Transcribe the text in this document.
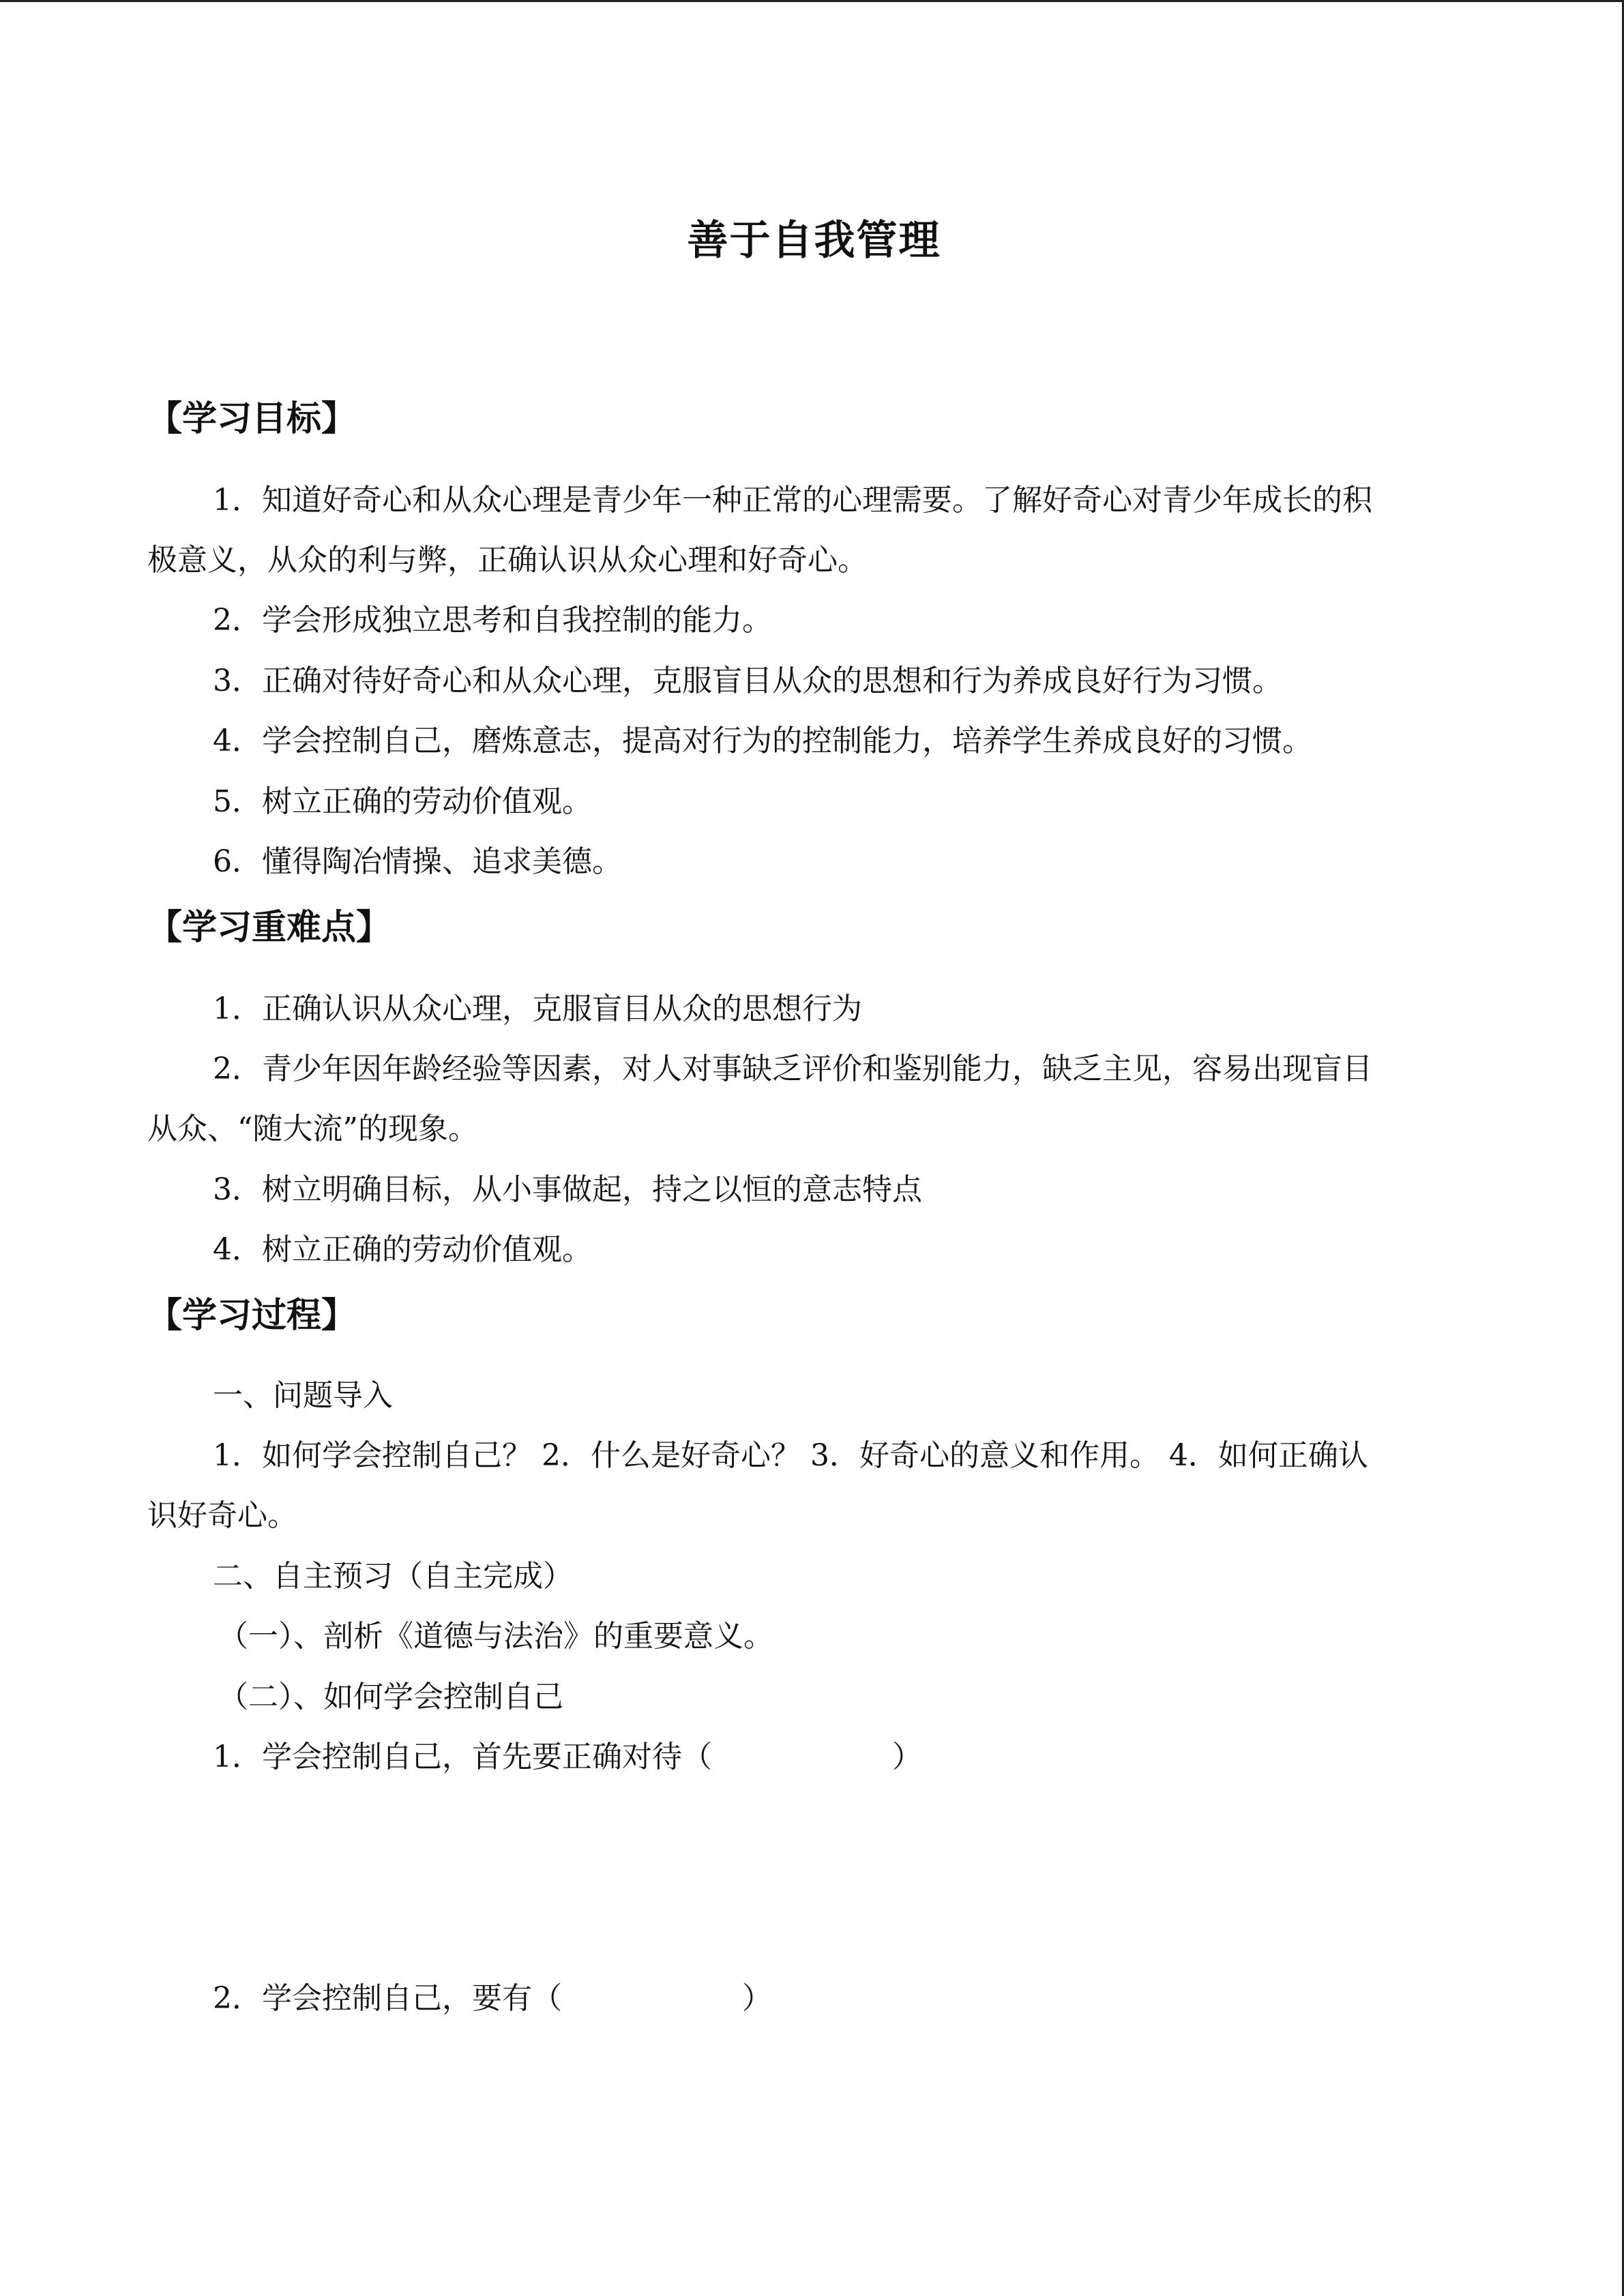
善于自我管理
【学习目标】
1．知道好奇心和从众心理是青少年一种正常的心理需要。了解好奇心对青少年成长的积
极意义，从众的利与弊，正确认识从众心理和好奇心。
2．学会形成独立思考和自我控制的能力。
3．正确对待好奇心和从众心理，克服盲目从众的思想和行为养成良好行为习惯。
4．学会控制自己，磨炼意志，提高对行为的控制能力，培养学生养成良好的习惯。
5．树立正确的劳动价值观。
6．懂得陶冶情操、追求美德。
【学习重难点】
1．正确认识从众心理，克服盲目从众的思想行为
2．青少年因年龄经验等因素，对人对事缺乏评价和鉴别能力，缺乏主见，容易出现盲目
从众、“随大流”的现象。
3．树立明确目标，从小事做起，持之以恒的意志特点
4．树立正确的劳动价值观。
【学习过程】
一、问题导入
1．如何学会控制自己？ 2．什么是好奇心？ 3．好奇心的意义和作用。 4．如何正确认
识好奇心。
二、自主预习（自主完成）
（一）、剖析《道德与法治》的重要意义。
（二）、如何学会控制自己
1．学会控制自己，首先要正确对待（　　　　　　）
2．学会控制自己，要有（　　　　　　）
